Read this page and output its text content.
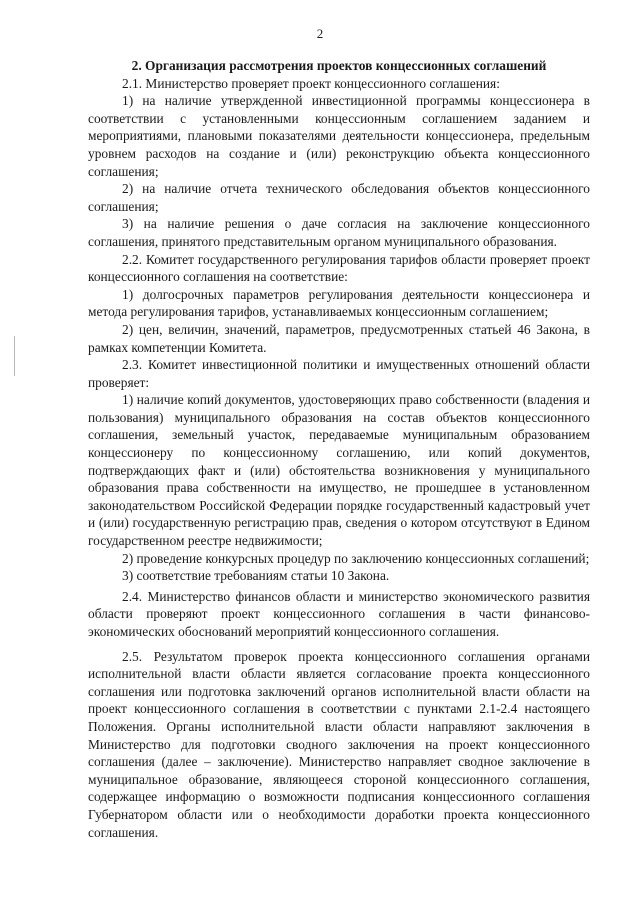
2

2. Организация рассмотрения проектов концессионных соглашений

2.1. Министерство проверяет проект концессионного соглашения:

1) на наличие утвержденной инвестиционной программы концессионера в соответствии с установленными концессионным соглашением заданием и мероприятиями, плановыми показателями деятельности концессионера, предельным уровнем расходов на создание и (или) реконструкцию объекта концессионного соглашения;

2) на наличие отчета технического обследования объектов концессионного соглашения;

3) на наличие решения о даче согласия на заключение концессионного соглашения, принятого представительным органом муниципального образования.

2.2. Комитет государственного регулирования тарифов области проверяет проект концессионного соглашения на соответствие:

1) долгосрочных параметров регулирования деятельности концессионера и метода регулирования тарифов, устанавливаемых концессионным соглашением;

2) цен, величин, значений, параметров, предусмотренных статьей 46 Закона, в рамках компетенции Комитета.

2.3. Комитет инвестиционной политики и имущественных отношений области проверяет:

1) наличие копий документов, удостоверяющих право собственности (владения и пользования) муниципального образования на состав объектов концессионного соглашения, земельный участок, передаваемые муниципальным образованием концессионеру по концессионному соглашению, или копий документов, подтверждающих факт и (или) обстоятельства возникновения у муниципального образования права собственности на имущество, не прошедшее в установленном законодательством Российской Федерации порядке государственный кадастровый учет и (или) государственную регистрацию прав, сведения о котором отсутствуют в Едином государственном реестре недвижимости;

2) проведение конкурсных процедур по заключению концессионных соглашений;

3) соответствие требованиям статьи 10 Закона.

2.4. Министерство финансов области и министерство экономического развития области проверяют проект концессионного соглашения в части финансово-экономических обоснований мероприятий концессионного соглашения.

2.5. Результатом проверок проекта концессионного соглашения органами исполнительной власти области является согласование проекта концессионного соглашения или подготовка заключений органов исполнительной власти области на проект концессионного соглашения в соответствии с пунктами 2.1-2.4 настоящего Положения. Органы исполнительной власти области направляют заключения в Министерство для подготовки сводного заключения на проект концессионного соглашения (далее – заключение). Министерство направляет сводное заключение в муниципальное образование, являющееся стороной концессионного соглашения, содержащее информацию о возможности подписания концессионного соглашения Губернатором области или о необходимости доработки проекта концессионного соглашения.
